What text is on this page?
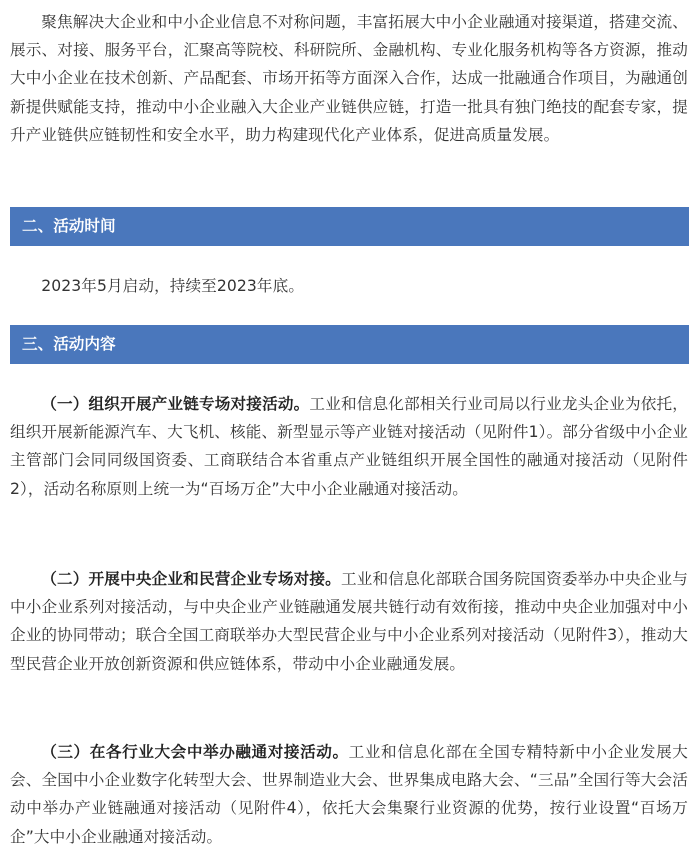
聚焦解决大企业和中小企业信息不对称问题，丰富拓展大中小企业融通对接渠道，搭建交流、展示、对接、服务平台，汇聚高等院校、科研院所、金融机构、专业化服务机构等各方资源，推动大中小企业在技术创新、产品配套、市场开拓等方面深入合作，达成一批融通合作项目，为融通创新提供赋能支持，推动中小企业融入大企业产业链供应链，打造一批具有独门绝技的配套专家，提升产业链供应链韧性和安全水平，助力构建现代化产业体系，促进高质量发展。

二、活动时间

2023年5月启动，持续至2023年底。

三、活动内容

（一）组织开展产业链专场对接活动。工业和信息化部相关行业司局以行业龙头企业为依托，组织开展新能源汽车、大飞机、核能、新型显示等产业链对接活动（见附件1）。部分省级中小企业主管部门会同同级国资委、工商联结合本省重点产业链组织开展全国性的融通对接活动（见附件2），活动名称原则上统一为“百场万企”大中小企业融通对接活动。

（二）开展中央企业和民营企业专场对接。工业和信息化部联合国务院国资委举办中央企业与中小企业系列对接活动，与中央企业产业链融通发展共链行动有效衔接，推动中央企业加强对中小企业的协同带动；联合全国工商联举办大型民营企业与中小企业系列对接活动（见附件3），推动大型民营企业开放创新资源和供应链体系，带动中小企业融通发展。

（三）在各行业大会中举办融通对接活动。工业和信息化部在全国专精特新中小企业发展大会、全国中小企业数字化转型大会、世界制造业大会、世界集成电路大会、“三品”全国行等大会活动中举办产业链融通对接活动（见附件4），依托大会集聚行业资源的优势，按行业设置“百场万企”大中小企业融通对接活动。
